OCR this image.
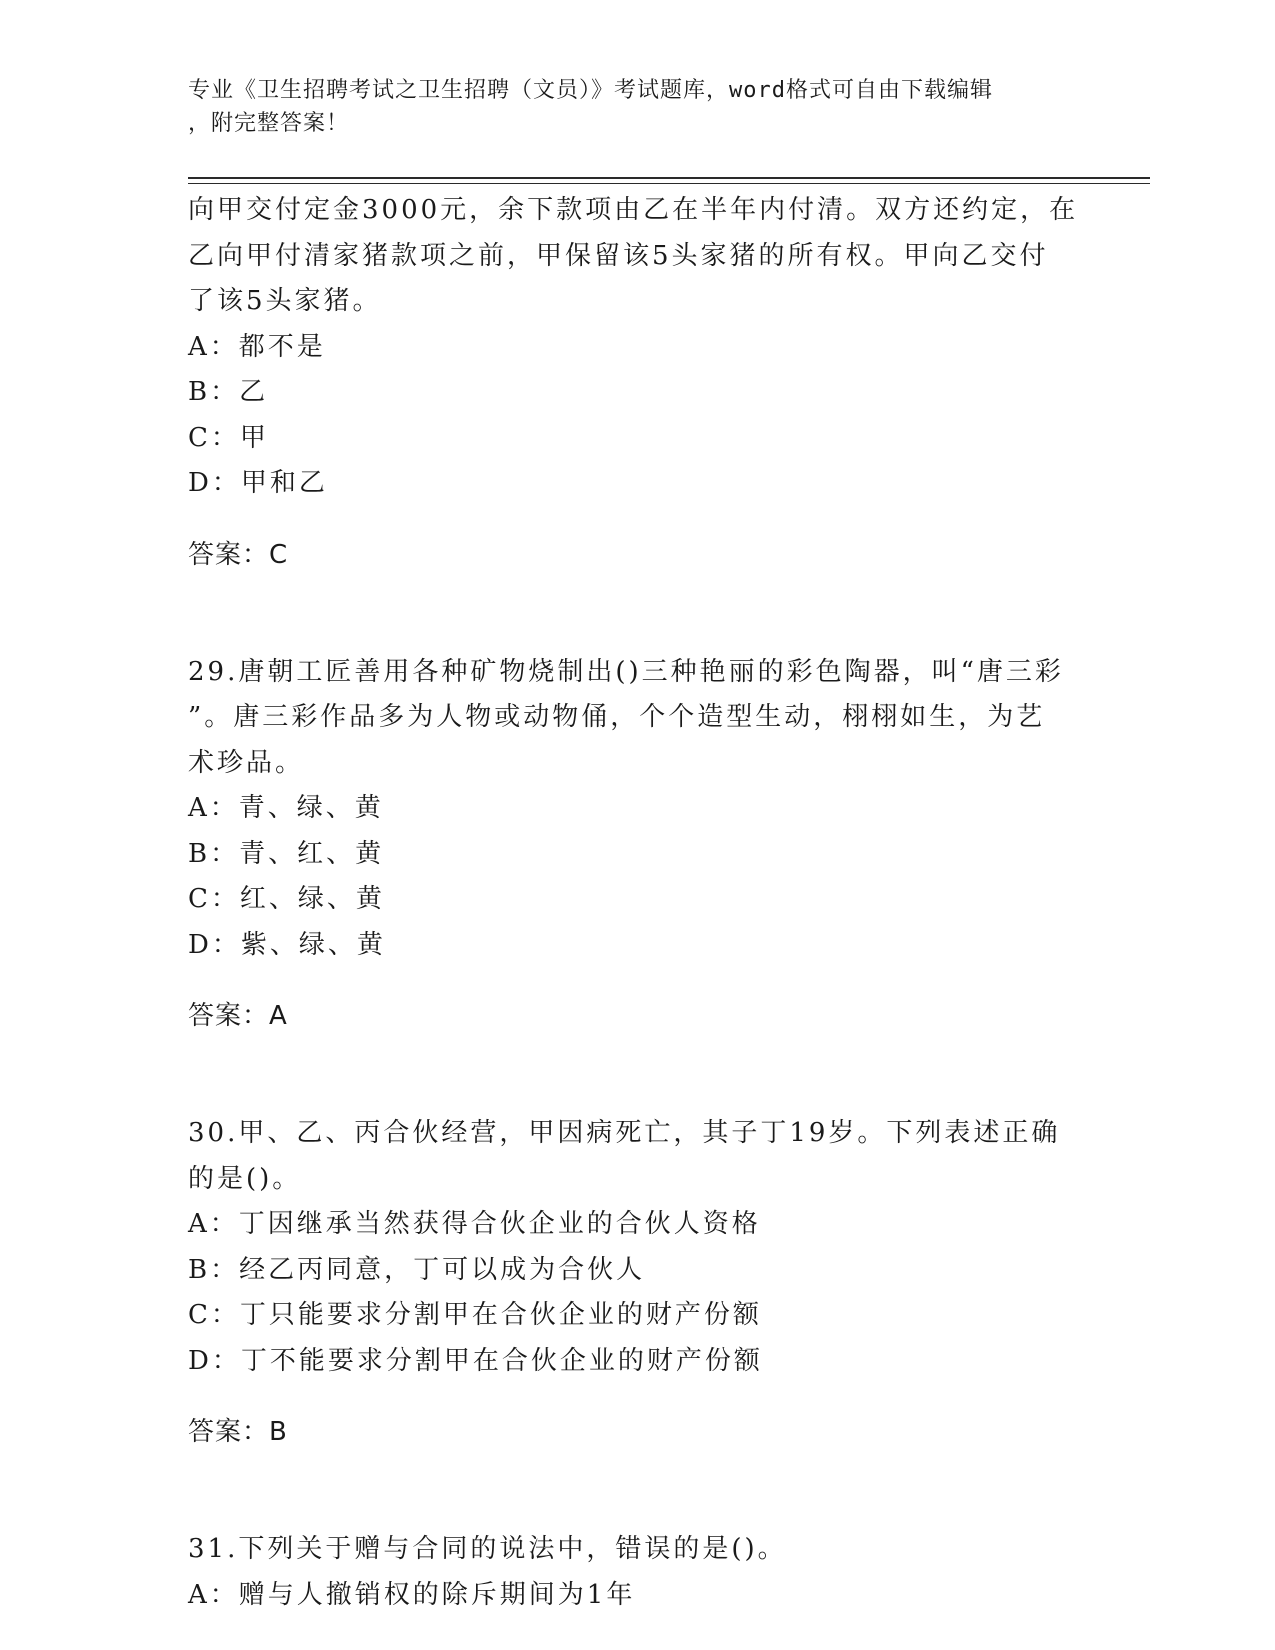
专业《卫生招聘考试之卫生招聘（文员）》考试题库，word格式可自由下载编辑
，附完整答案！

向甲交付定金3000元，余下款项由乙在半年内付清。双方还约定，在

乙向甲付清家猪款项之前，甲保留该5头家猪的所有权。甲向乙交付

了该5头家猪。

A：都不是

B：乙

C：甲

D：甲和乙

答案：C

29.唐朝工匠善用各种矿物烧制出()三种艳丽的彩色陶器，叫“唐三彩

”。唐三彩作品多为人物或动物俑，个个造型生动，栩栩如生，为艺

术珍品。

A：青、绿、黄

B：青、红、黄

C：红、绿、黄

D：紫、绿、黄

答案：A

30.甲、乙、丙合伙经营，甲因病死亡，其子丁19岁。下列表述正确

的是()。

A：丁因继承当然获得合伙企业的合伙人资格

B：经乙丙同意，丁可以成为合伙人

C：丁只能要求分割甲在合伙企业的财产份额

D：丁不能要求分割甲在合伙企业的财产份额

答案：B

31.下列关于赠与合同的说法中，错误的是()。

A：赠与人撤销权的除斥期间为1年
